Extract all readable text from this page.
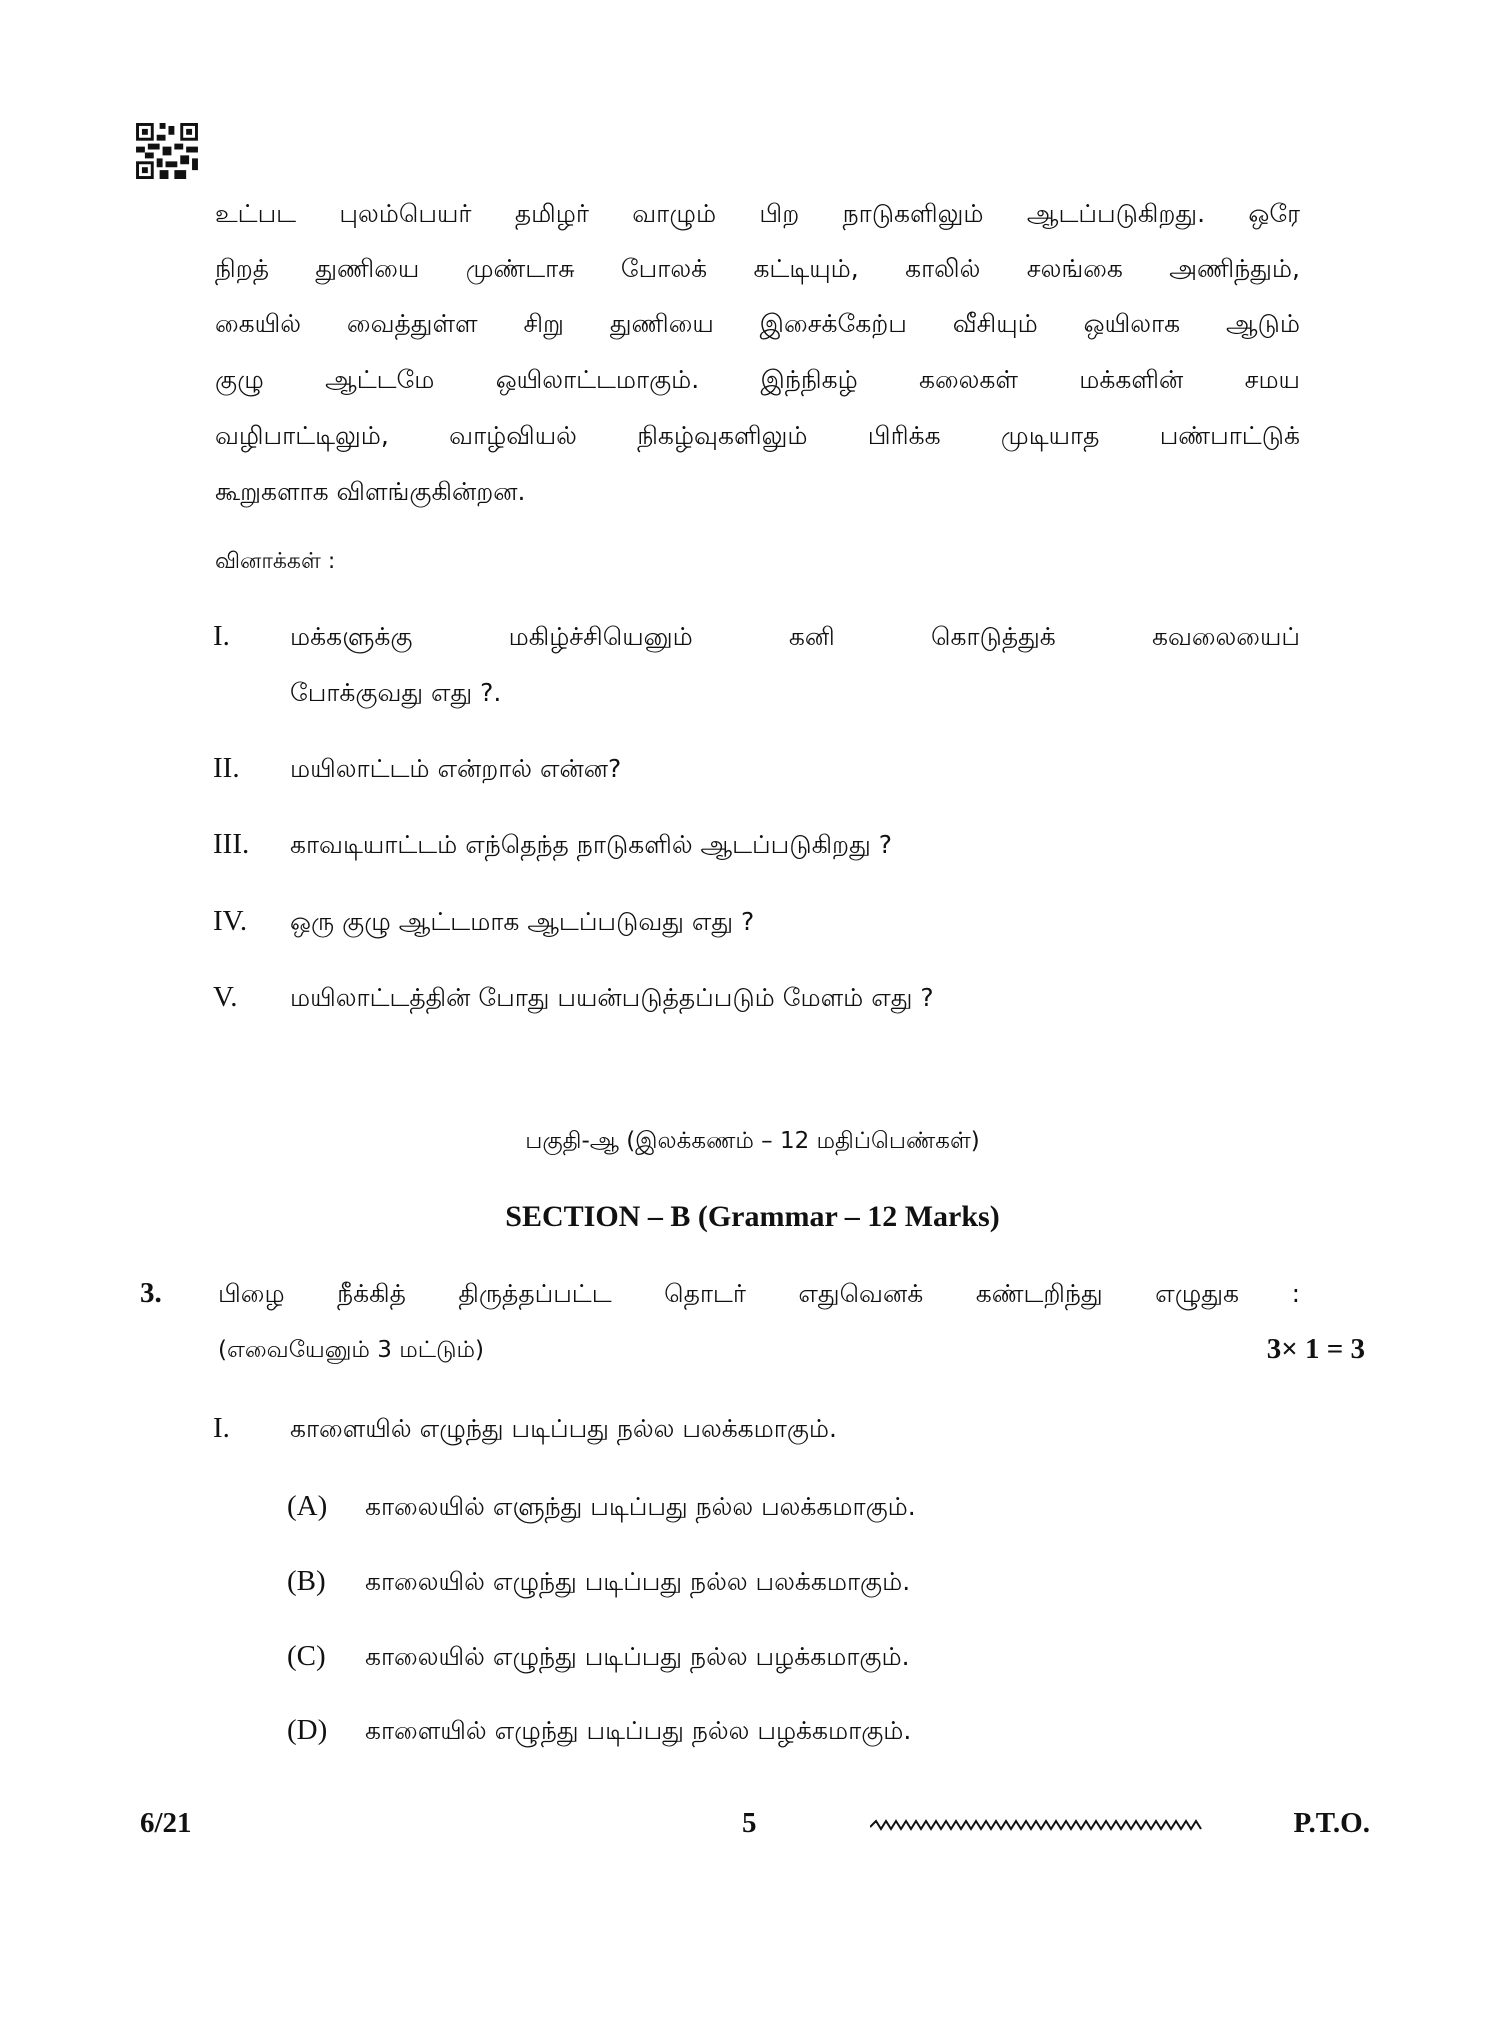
உட்பட புலம்பெயர் தமிழர் வாழும் பிற நாடுகளிலும் ஆடப்படுகிறது. ஒரே
நிறத் துணியை முண்டாசு போலக் கட்டியும், காலில் சலங்கை அணிந்தும்,
கையில் வைத்துள்ள சிறு துணியை இசைக்கேற்ப வீசியும் ஒயிலாக ஆடும்
குழு ஆட்டமே ஒயிலாட்டமாகும். இந்நிகழ் கலைகள் மக்களின் சமய
வழிபாட்டிலும், வாழ்வியல் நிகழ்வுகளிலும் பிரிக்க முடியாத பண்பாட்டுக்
கூறுகளாக விளங்குகின்றன.
வினாக்கள் :
I. மக்களுக்கு மகிழ்ச்சியெனும் கனி கொடுத்துக் கவலையைப்
போக்குவது எது ?.
II. மயிலாட்டம் என்றால் என்ன?
III. காவடியாட்டம் எந்தெந்த நாடுகளில் ஆடப்படுகிறது ?
IV. ஒரு குழு ஆட்டமாக ஆடப்படுவது எது ?
V. மயிலாட்டத்தின் போது பயன்படுத்தப்படும் மேளம் எது ?
பகுதி-ஆ (இலக்கணம் – 12 மதிப்பெண்கள்)
SECTION – B (Grammar – 12 Marks)
3. பிழை நீக்கித் திருத்தப்பட்ட தொடர் எதுவெனக் கண்டறிந்து எழுதுக :
(எவையேனும் 3 மட்டும்)	3× 1 = 3
I. காளையில் எழுந்து படிப்பது நல்ல பலக்கமாகும்.
(A) காலையில் எளுந்து படிப்பது நல்ல பலக்கமாகும்.
(B) காலையில் எழுந்து படிப்பது நல்ல பலக்கமாகும்.
(C) காலையில் எழுந்து படிப்பது நல்ல பழக்கமாகும்.
(D) காளையில் எழுந்து படிப்பது நல்ல பழக்கமாகும்.
6/21	5	P.T.O.
